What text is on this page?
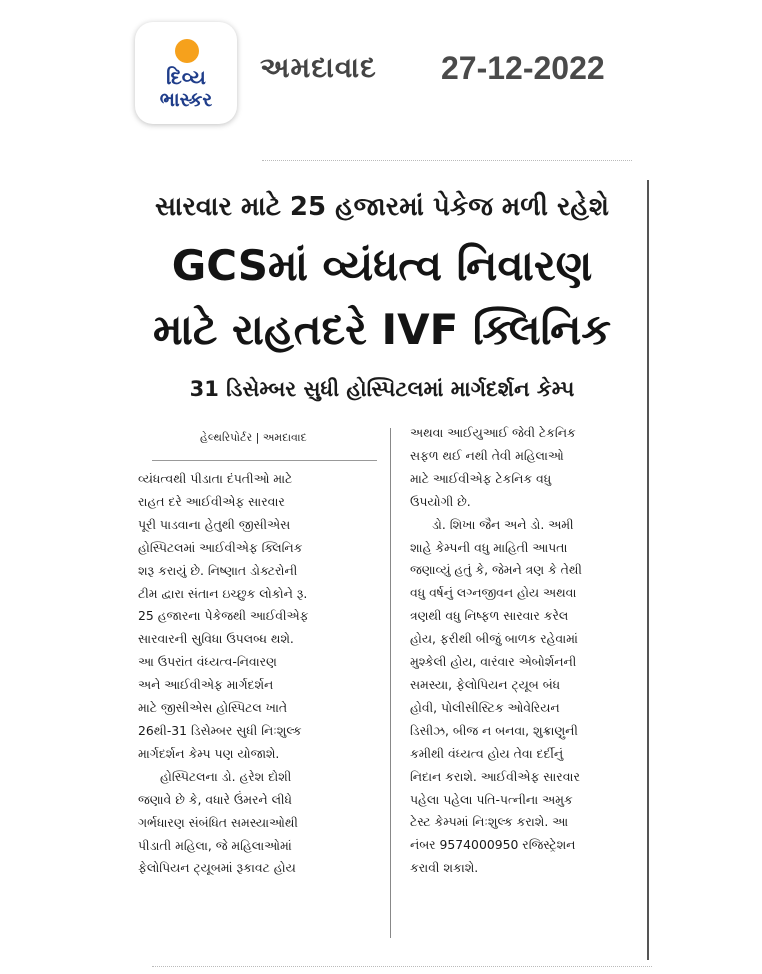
દિવ્ય
ભાસ્કર
અમદાવાદ 27-12-2022
સારવાર માટે 25 હજારમાં પેકેજ મળી રહેશે
GCSમાં વ્યંધત્વ નિવારણ
માટે રાહતદરે IVF ક્લિનિક
31 ડિસેમ્બર સુધી હોસ્પિટલમાં માર્ગદર્શન કેમ્પ
હેલ્થરિપોર્ટર | અમદાવાદ
વ્યંધત્વથી પીડાતા દંપતીઓ માટે
રાહત દરે આઈવીએફ સારવાર
પૂરી પાડવાના હેતુથી જીસીએસ
હોસ્પિટલમાં આઈવીએફ ક્લિનિક
શરૂ કરાયું છે. નિષ્ણાત ડોક્ટરોની
ટીમ દ્વારા સંતાન ઇચ્છુક લોકોને રૂ.
25 હજારના પેકેજથી આઈવીએફ
સારવારની સુવિધા ઉપલબ્ધ થશે.
આ ઉપરાંત વંધ્યત્વ-નિવારણ
અને આઈવીએફ માર્ગદર્શન
માટે જીસીએસ હોસ્પિટલ ખાતે
26થી-31 ડિસેમ્બર સુધી નિઃશુલ્ક
માર્ગદર્શન કેમ્પ પણ યોજાશે.
હોસ્પિટલના ડો. હરેશ દોશી
જણાવે છે કે, વધારે ઉંમરને લીધે
ગર્ભધારણ સંબંધિત સમસ્યાઓથી
પીડાતી મહિલા, જે મહિલાઓમાં
ફેલોપિયન ટ્યૂબમાં રૂકાવટ હોય
અથવા આઈયુઆઈ જેવી ટેકનિક
સફળ થઈ નથી તેવી મહિલાઓ
માટે આઈવીએફ ટેકનિક વધુ
ઉપયોગી છે.
ડો. શિખા જૈન અને ડો. અમી
શાહે કેમ્પની વધુ માહિતી આપતા
જણાવ્યું હતું કે, જેમને ત્રણ કે તેથી
વધુ વર્ષનું લગ્નજીવન હોય અથવા
ત્રણથી વધુ નિષ્ફળ સારવાર કરેલ
હોય, ફરીથી બીજું બાળક રહેવામાં
મુશ્કેલી હોય, વારંવાર એબોર્શનની
સમસ્યા, ફેલોપિયન ટ્યૂબ બંધ
હોવી, પોલીસીસ્ટિક ઓવેરિયન
ડિસીઝ, બીજ ન બનવા, શુક્રાણુની
કમીથી વંધ્યત્વ હોય તેવા દર્દીનું
નિદાન કરાશે. આઈવીએફ સારવાર
પહેલા પહેલા પતિ-પત્નીના અમુક
ટેસ્ટ કેમ્પમાં નિઃશુલ્ક કરાશે. આ
નંબર 9574000950 રજિસ્ટ્રેશન
કરાવી શકાશે.
